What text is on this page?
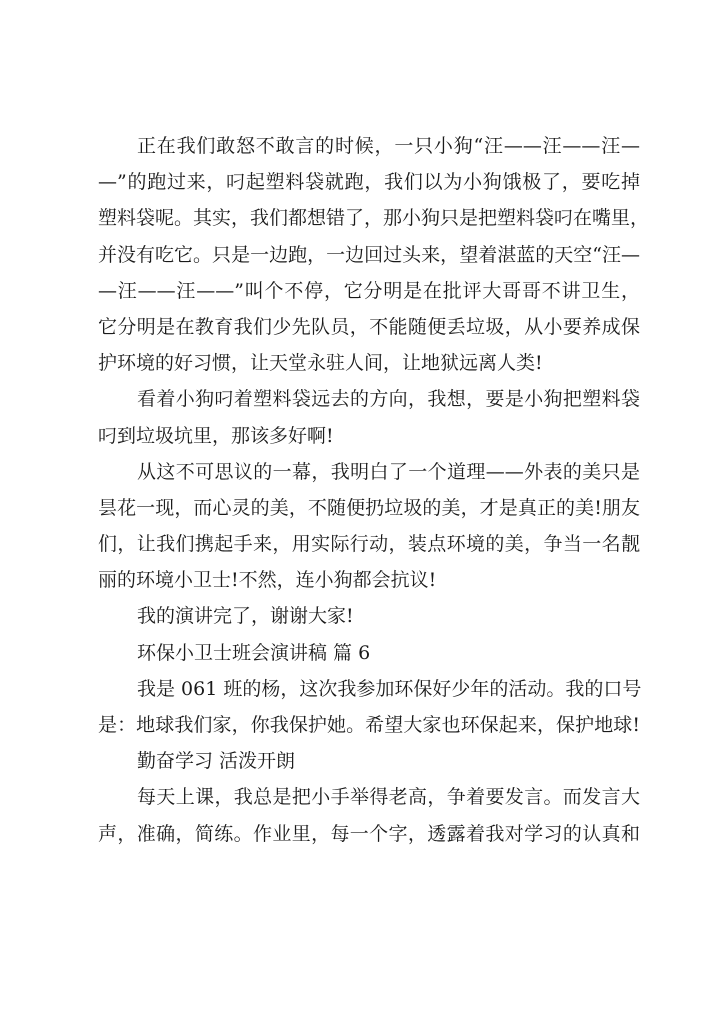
正在我们敢怒不敢言的时候，一只小狗“汪——汪——汪—
—”的跑过来，叼起塑料袋就跑，我们以为小狗饿极了，要吃掉
塑料袋呢。其实，我们都想错了，那小狗只是把塑料袋叼在嘴里，
并没有吃它。只是一边跑，一边回过头来，望着湛蓝的天空“汪—
—汪——汪——”叫个不停，它分明是在批评大哥哥不讲卫生，
它分明是在教育我们少先队员，不能随便丢垃圾，从小要养成保
护环境的好习惯，让天堂永驻人间，让地狱远离人类!
看着小狗叼着塑料袋远去的方向，我想，要是小狗把塑料袋
叼到垃圾坑里，那该多好啊!
从这不可思议的一幕，我明白了一个道理——外表的美只是
昙花一现，而心灵的美，不随便扔垃圾的美，才是真正的美!朋友
们，让我们携起手来，用实际行动，装点环境的美，争当一名靓
丽的环境小卫士!不然，连小狗都会抗议!
我的演讲完了，谢谢大家!
环保小卫士班会演讲稿 篇 6
我是 061 班的杨，这次我参加环保好少年的活动。我的口号
是：地球我们家，你我保护她。希望大家也环保起来，保护地球!
勤奋学习 活泼开朗
每天上课，我总是把小手举得老高，争着要发言。而发言大
声，准确，简练。作业里，每一个字，透露着我对学习的认真和
